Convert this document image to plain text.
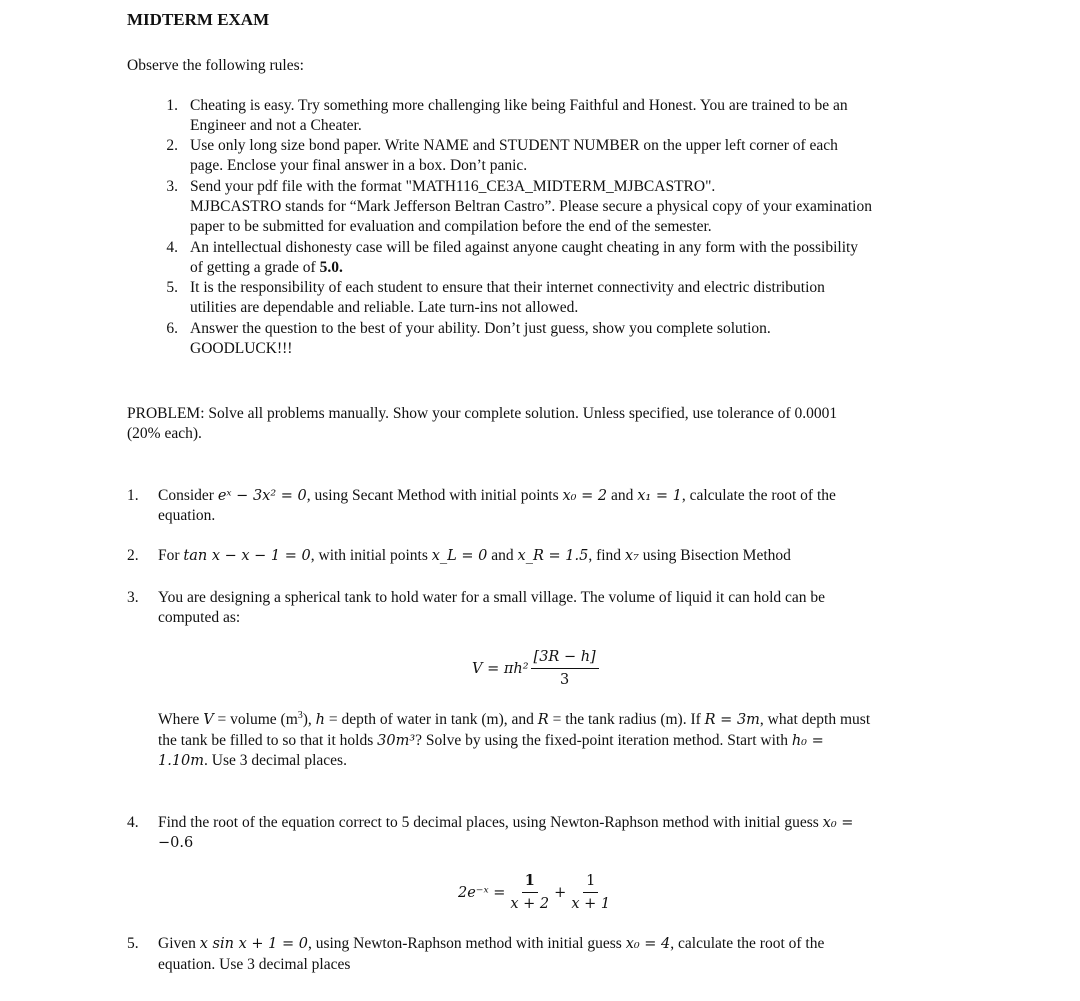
MIDTERM EXAM
Observe the following rules:
1. Cheating is easy. Try something more challenging like being Faithful and Honest. You are trained to be an
Engineer and not a Cheater.
2. Use only long size bond paper. Write NAME and STUDENT NUMBER on the upper left corner of each
page. Enclose your final answer in a box. Don’t panic.
3. Send your pdf file with the format "MATH116_CE3A_MIDTERM_MJBCASTRO".
MJBCASTRO stands for “Mark Jefferson Beltran Castro”. Please secure a physical copy of your examination
paper to be submitted for evaluation and compilation before the end of the semester.
4. An intellectual dishonesty case will be filed against anyone caught cheating in any form with the possibility
of getting a grade of 5.0.
5. It is the responsibility of each student to ensure that their internet connectivity and electric distribution
utilities are dependable and reliable. Late turn-ins not allowed.
6. Answer the question to the best of your ability. Don’t just guess, show you complete solution.
GOODLUCK!!!
PROBLEM: Solve all problems manually. Show your complete solution. Unless specified, use tolerance of 0.0001
(20% each).
1. Consider eˣ − 3x² = 0, using Secant Method with initial points x₀ = 2 and x₁ = 1, calculate the root of the
equation.
2. For tan x − x − 1 = 0, with initial points x_L = 0 and x_R = 1.5, find x₇ using Bisection Method
3. You are designing a spherical tank to hold water for a small village. The volume of liquid it can hold can be
computed as:
$V = \pi h^2 \frac{[3R - h]}{3}$
Where V = volume $(m^3)$, h = depth of water in tank (m), and R = the tank radius (m). If R = 3m, what depth must
the tank be filled to so that it holds 30m³? Solve by using the fixed-point iteration method. Start with h₀ =
1.10m. Use 3 decimal places.
4. Find the root of the equation correct to 5 decimal places, using Newton-Raphson method with initial guess x₀ =
−0.6
2e⁻ˣ = $\frac{1}{x + 2} + \frac{1}{x + 1}$
5. Given x sin x + 1 = 0, using Newton-Raphson method with initial guess x₀ = 4, calculate the root of the
equation. Use 3 decimal places
